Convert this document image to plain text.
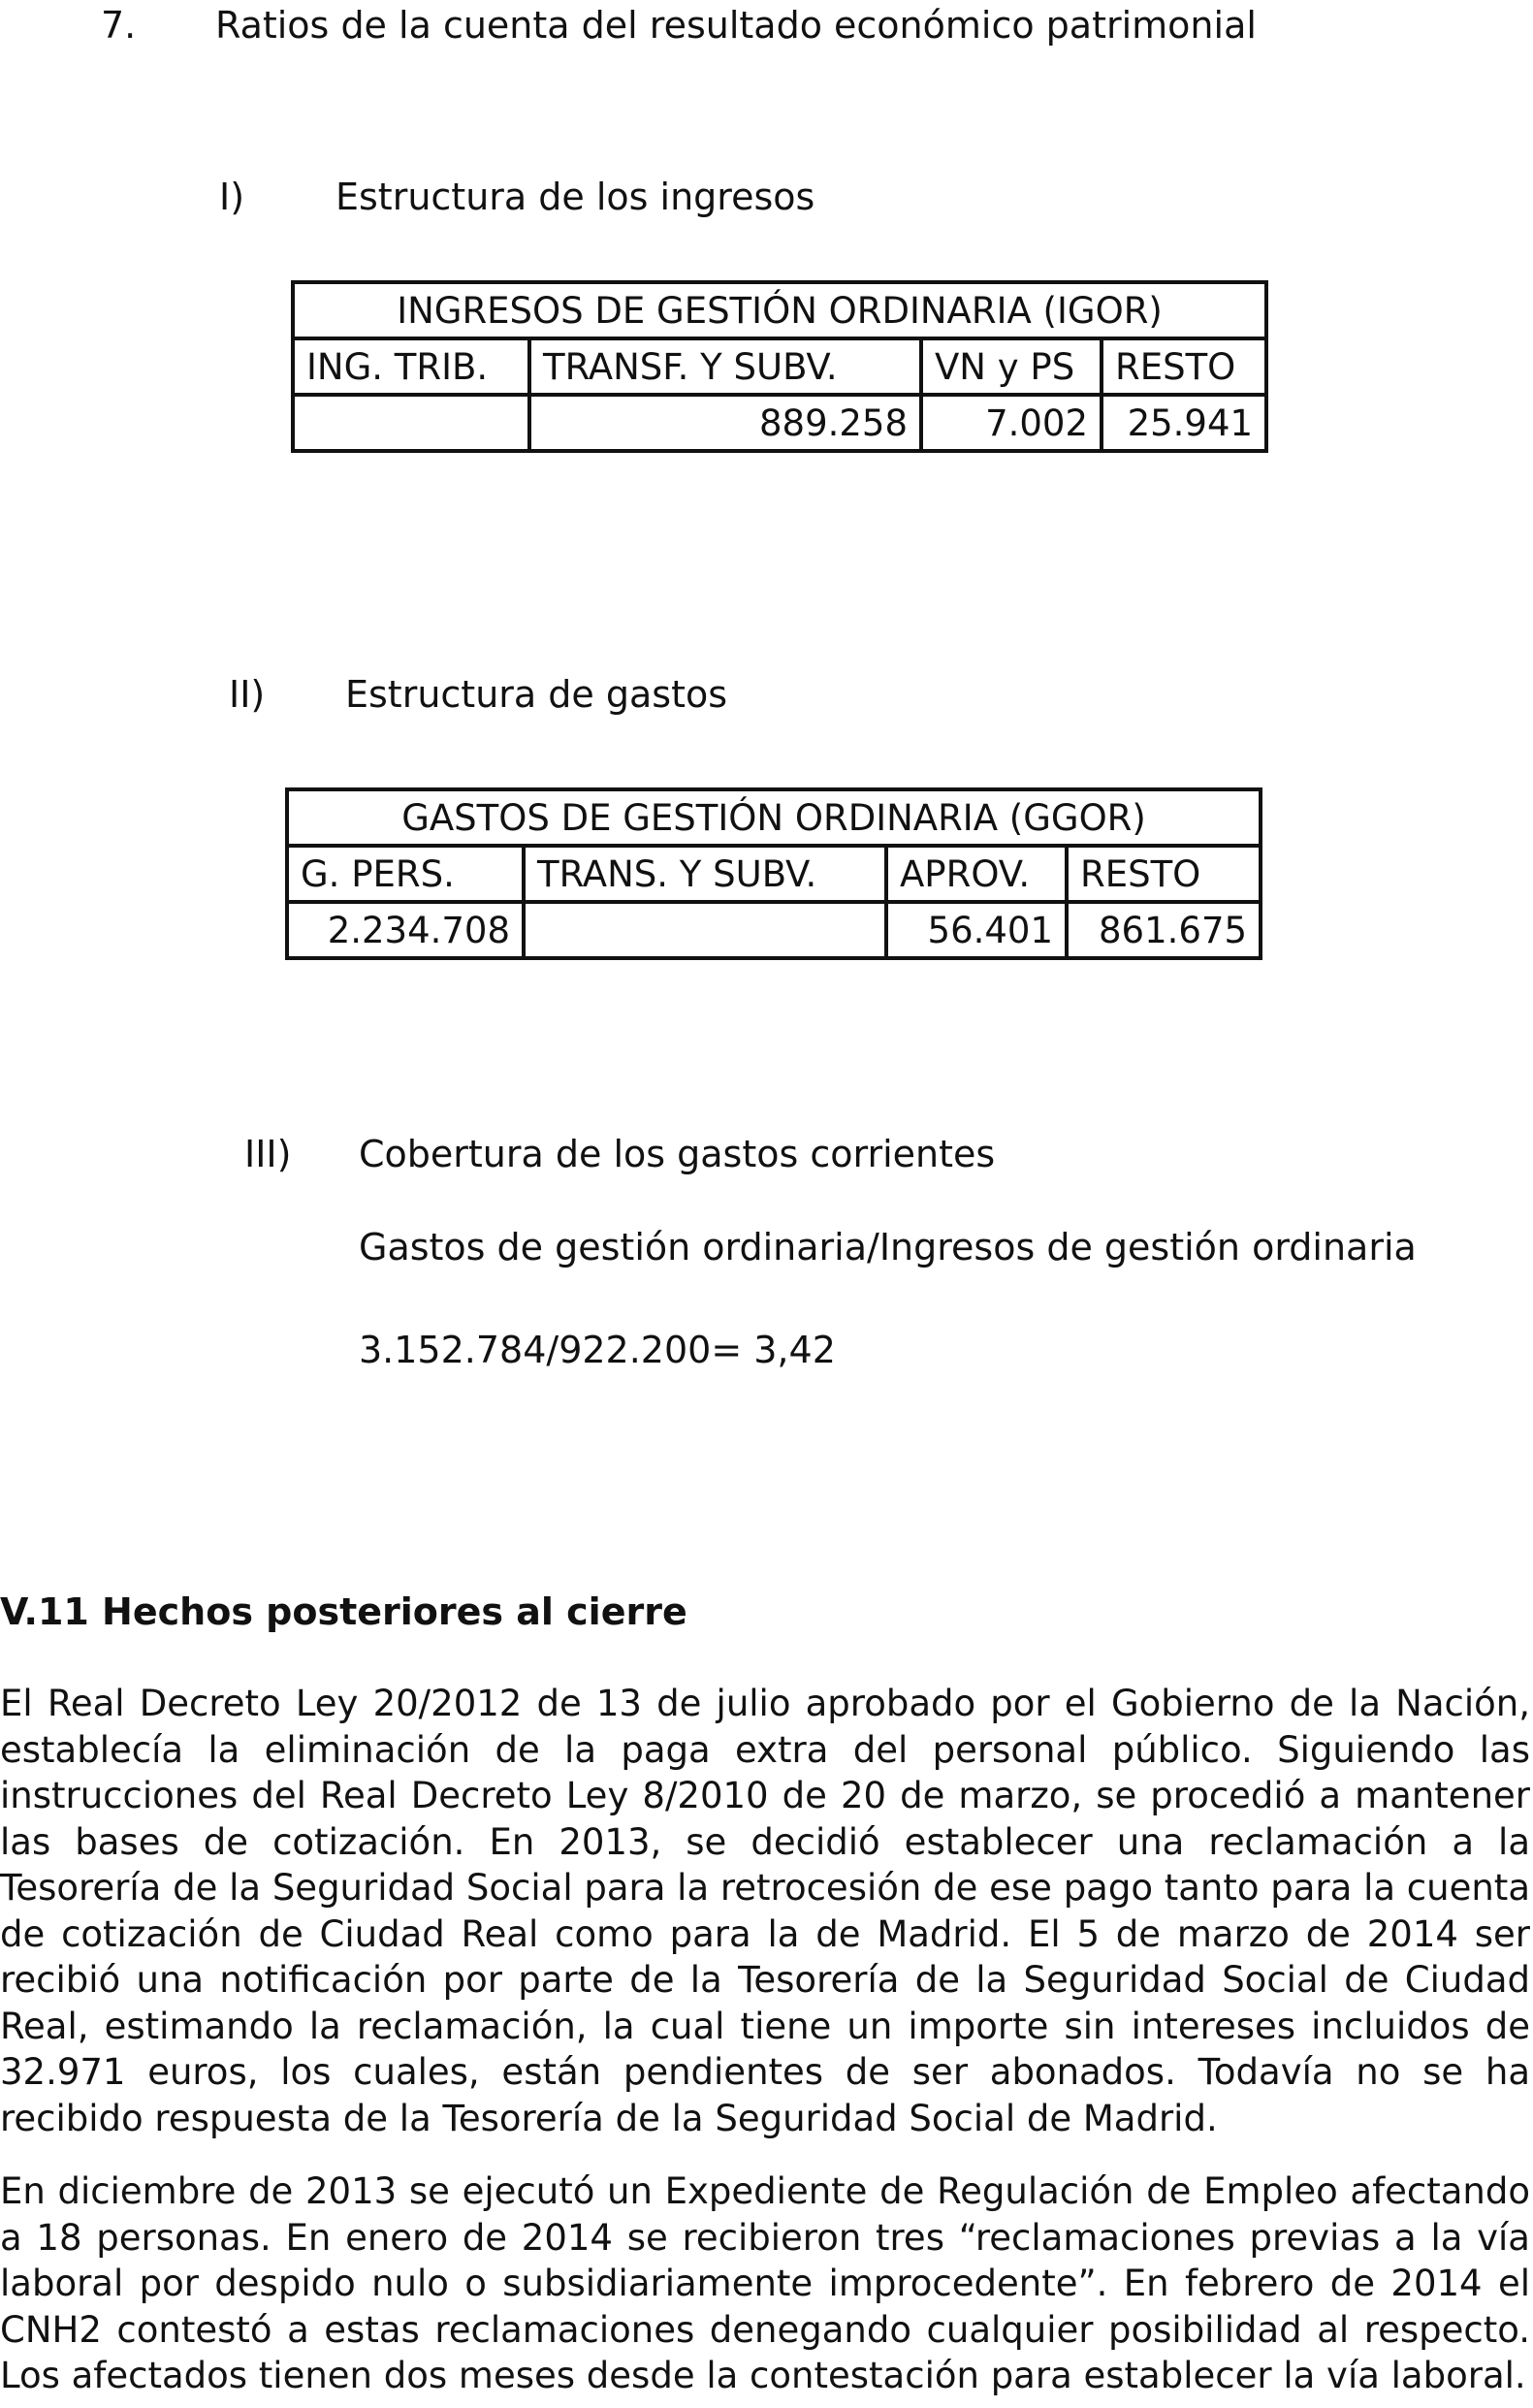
7. Ratios de la cuenta del resultado económico patrimonial
I) Estructura de los ingresos
INGRESOS DE GESTIÓN ORDINARIA (IGOR)			
ING. TRIB.	TRANSF. Y SUBV.	VN y PS	RESTO
	889.258	7.002	25.941
II) Estructura de gastos
GASTOS DE GESTIÓN ORDINARIA (GGOR)			
G. PERS.	TRANS. Y SUBV.	APROV.	RESTO
2.234.708		56.401	861.675
III) Cobertura de los gastos corrientes
Gastos de gestión ordinaria/Ingresos de gestión ordinaria
3.152.784/922.200= 3,42
V.11 Hechos posteriores al cierre
El Real Decreto Ley 20/2012 de 13 de julio aprobado por el Gobierno de la Nación,
establecía la eliminación de la paga extra del personal público. Siguiendo las
instrucciones del Real Decreto Ley 8/2010 de 20 de marzo, se procedió a mantener
las bases de cotización. En 2013, se decidió establecer una reclamación a la
Tesorería de la Seguridad Social para la retrocesión de ese pago tanto para la cuenta
de cotización de Ciudad Real como para la de Madrid. El 5 de marzo de 2014 ser
recibió una notificación por parte de la Tesorería de la Seguridad Social de Ciudad
Real, estimando la reclamación, la cual tiene un importe sin intereses incluidos de
32.971 euros, los cuales, están pendientes de ser abonados. Todavía no se ha
recibido respuesta de la Tesorería de la Seguridad Social de Madrid.
En diciembre de 2013 se ejecutó un Expediente de Regulación de Empleo afectando
a 18 personas. En enero de 2014 se recibieron tres “reclamaciones previas a la vía
laboral por despido nulo o subsidiariamente improcedente”. En febrero de 2014 el
CNH2 contestó a estas reclamaciones denegando cualquier posibilidad al respecto.
Los afectados tienen dos meses desde la contestación para establecer la vía laboral.
